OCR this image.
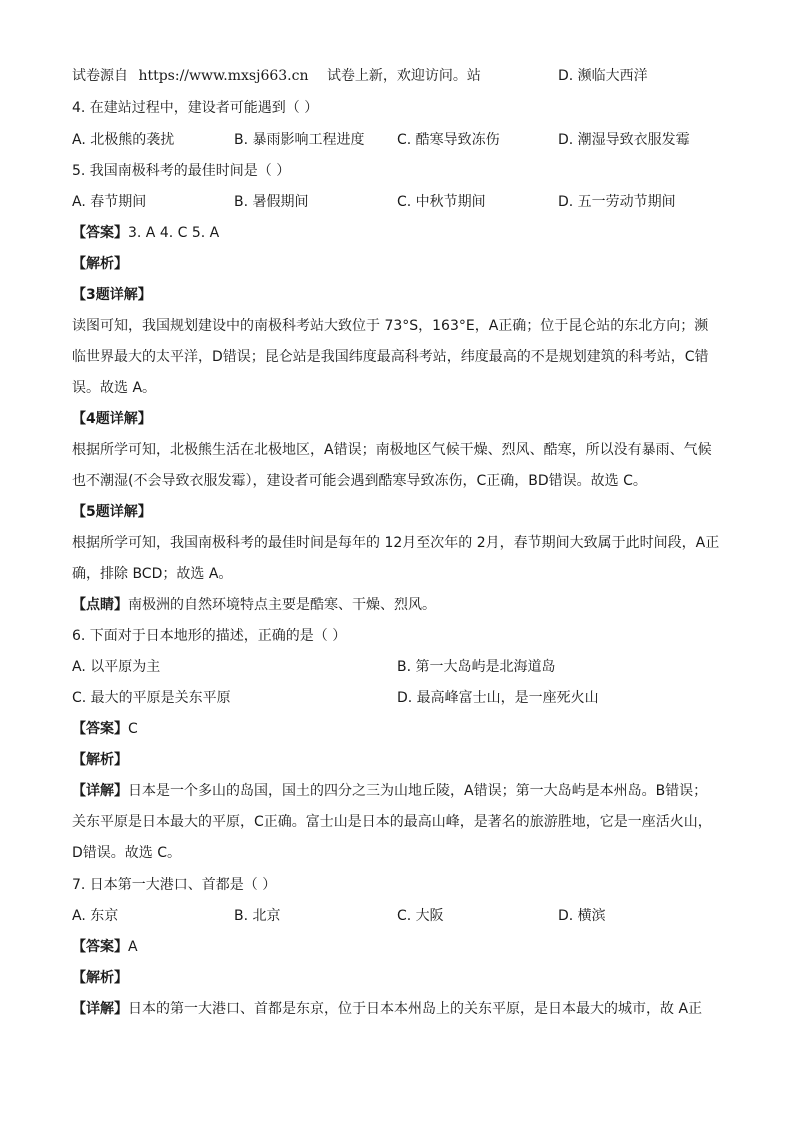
试卷源自 https://www.mxsj663.cn 试卷上新，欢迎访问。站	D. 濒临大西洋
4. 在建站过程中，建设者可能遇到（ ）
A. 北极熊的袭扰	B. 暴雨影响工程进度 C. 酷寒导致冻伤	D. 潮湿导致衣服发霉
5. 我国南极科考的最佳时间是（ ）
A. 春节期间	B. 暑假期间	C. 中秋节期间	D. 五一劳动节期间
【答案】3. A 4. C 5. A
【解析】
【3题详解】
读图可知，我国规划建设中的南极科考站大致位于 73°S，163°E，A正确；位于昆仑站的东北方向；濒
临世界最大的太平洋，D错误；昆仑站是我国纬度最高科考站，纬度最高的不是规划建筑的科考站，C错
误。故选 A。
【4题详解】
根据所学可知，北极熊生活在北极地区，A错误；南极地区气候干燥、烈风、酷寒，所以没有暴雨、气候
也不潮湿(不会导致衣服发霉），建设者可能会遇到酷寒导致冻伤，C正确，BD错误。故选 C。
【5题详解】
根据所学可知，我国南极科考的最佳时间是每年的 12月至次年的 2月，春节期间大致属于此时间段，A正
确，排除 BCD；故选 A。
【点睛】南极洲的自然环境特点主要是酷寒、干燥、烈风。
6. 下面对于日本地形的描述，正确的是（ ）
A. 以平原为主	B. 第一大岛屿是北海道岛
C. 最大的平原是关东平原	D. 最高峰富士山，是一座死火山
【答案】C
【解析】
【详解】日本是一个多山的岛国，国土的四分之三为山地丘陵，A错误；第一大岛屿是本州岛。B错误；
关东平原是日本最大的平原，C正确。富士山是日本的最高山峰，是著名的旅游胜地，它是一座活火山，
D错误。故选 C。
7. 日本第一大港口、首都是（ ）
A. 东京	B. 北京	C. 大阪	D. 横滨
【答案】A
【解析】
【详解】日本的第一大港口、首都是东京，位于日本本州岛上的关东平原，是日本最大的城市，故 A正
